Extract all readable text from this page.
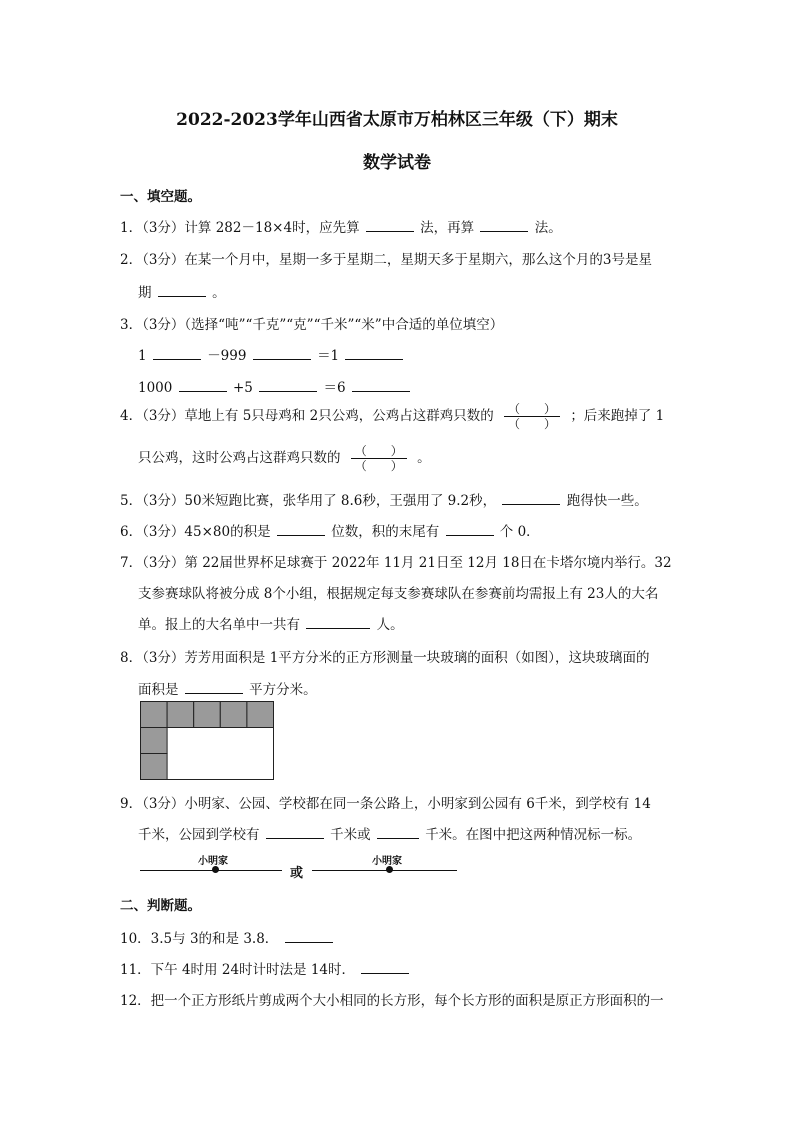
2022-2023学年山西省太原市万柏林区三年级（下）期末
数学试卷
一、填空题。
1．（3分）计算 282－18×4时，应先算	法，再算	法。
2．（3分）在某一个月中，星期一多于星期二，星期天多于星期六，那么这个月的3号是星
期	。
3．（3分）（选择“吨”“千克”“克”“千米”“米”中合适的单位填空）
1	－999	＝1
1000	+5	＝6
4．（3分）草地上有 5只母鸡和 2只公鸡，公鸡占这群鸡只数的 $\frac{( )}{( )}$ ；后来跑掉了 1
只公鸡，这时公鸡占这群鸡只数的 $\frac{( )}{( )}$ 。
5．（3分）50米短跑比赛，张华用了 8.6秒，王强用了 9.2秒，	跑得快一些。
6．（3分）45×80的积是	位数，积的末尾有	个 0．
7．（3分）第 22届世界杯足球赛于 2022年 11月 21日至 12月 18日在卡塔尔境内举行。32
支参赛球队将被分成 8个小组，根据规定每支参赛球队在参赛前均需报上有 23人的大名
单。报上的大名单中一共有	人。
8．（3分）芳芳用面积是 1平方分米的正方形测量一块玻璃的面积（如图），这块玻璃面的
面积是	平方分米。
9．（3分）小明家、公园、学校都在同一条公路上，小明家到公园有 6千米，到学校有 14
千米，公园到学校有	千米或	千米。在图中把这两种情况标一标。
小明家
或
小明家
二、判断题。
10．3.5与 3的和是 3.8．
11．下午 4时用 24时计时法是 14时．
12．把一个正方形纸片剪成两个大小相同的长方形，每个长方形的面积是原正方形面积的一
